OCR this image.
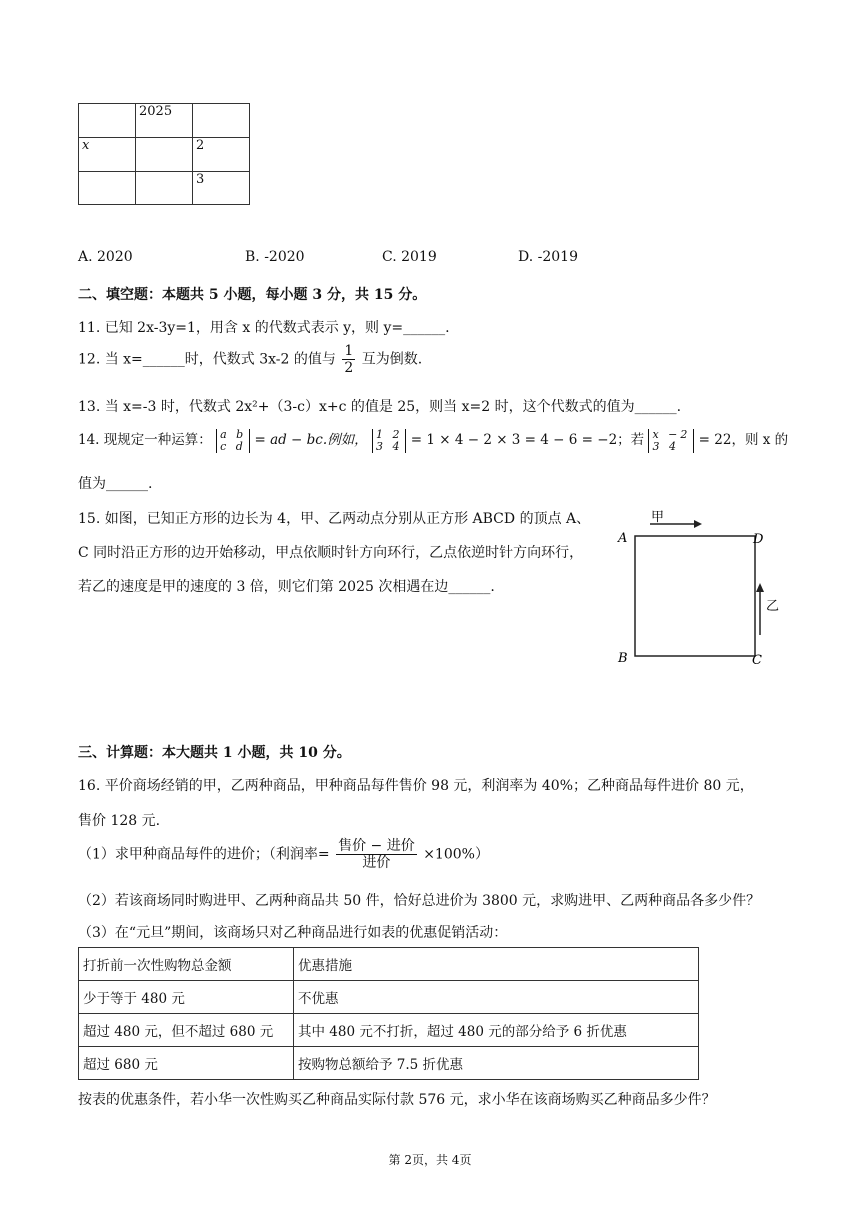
	2025	
x		2
		3
A. 2020	B. -2020	C. 2019	D. -2019
二、填空题：本题共 5 小题，每小题 3 分，共 15 分。
11. 已知 2x-3y=1，用含 x 的代数式表示 y，则 y=______.
12. 当 x=______时，代数式 3x-2 的值与 $\frac{1}{2}$ 互为倒数.
13. 当 x=-3 时，代数式 2x²+（3-c）x+c 的值是 25，则当 x=2 时，这个代数式的值为______.
14. 现规定一种运算： a b
c d = ad − bc.例如， 1 2
3 4 = 1 × 4 − 2 × 3 = 4 − 6 = −2；若 x −2
3 4	= 22，则 x 的
值为______.
15. 如图，已知正方形的边长为 4，甲、乙两动点分别从正方形 ABCD 的顶点 A、
C 同时沿正方形的边开始移动，甲点依顺时针方向环行，乙点依逆时针方向环行，
若乙的速度是甲的速度的 3 倍，则它们第 2025 次相遇在边______.
A
B	C
D
甲
乙
三、计算题：本大题共 1 小题，共 10 分。
16. 平价商场经销的甲，乙两种商品，甲种商品每件售价 98 元，利润率为 40%；乙种商品每件进价 80 元，
售价 128 元.
（1）求甲种商品每件的进价；（利润率= $\frac{\text{售价 − 进价}}{\text{进价}} \times 100\%$）
（2）若该商场同时购进甲、乙两种商品共 50 件，恰好总进价为 3800 元，求购进甲、乙两种商品各多少件？
（3）在“元旦”期间，该商场只对乙种商品进行如表的优惠促销活动：
打折前一次性购物总金额	优惠措施
少于等于 480 元	不优惠
超过 480 元，但不超过 680 元	其中 480 元不打折，超过 480 元的部分给予 6 折优惠
超过 680 元	按购物总额给予 7.5 折优惠
按表的优惠条件，若小华一次性购买乙种商品实际付款 576 元，求小华在该商场购买乙种商品多少件？
第 2页，共 4页
